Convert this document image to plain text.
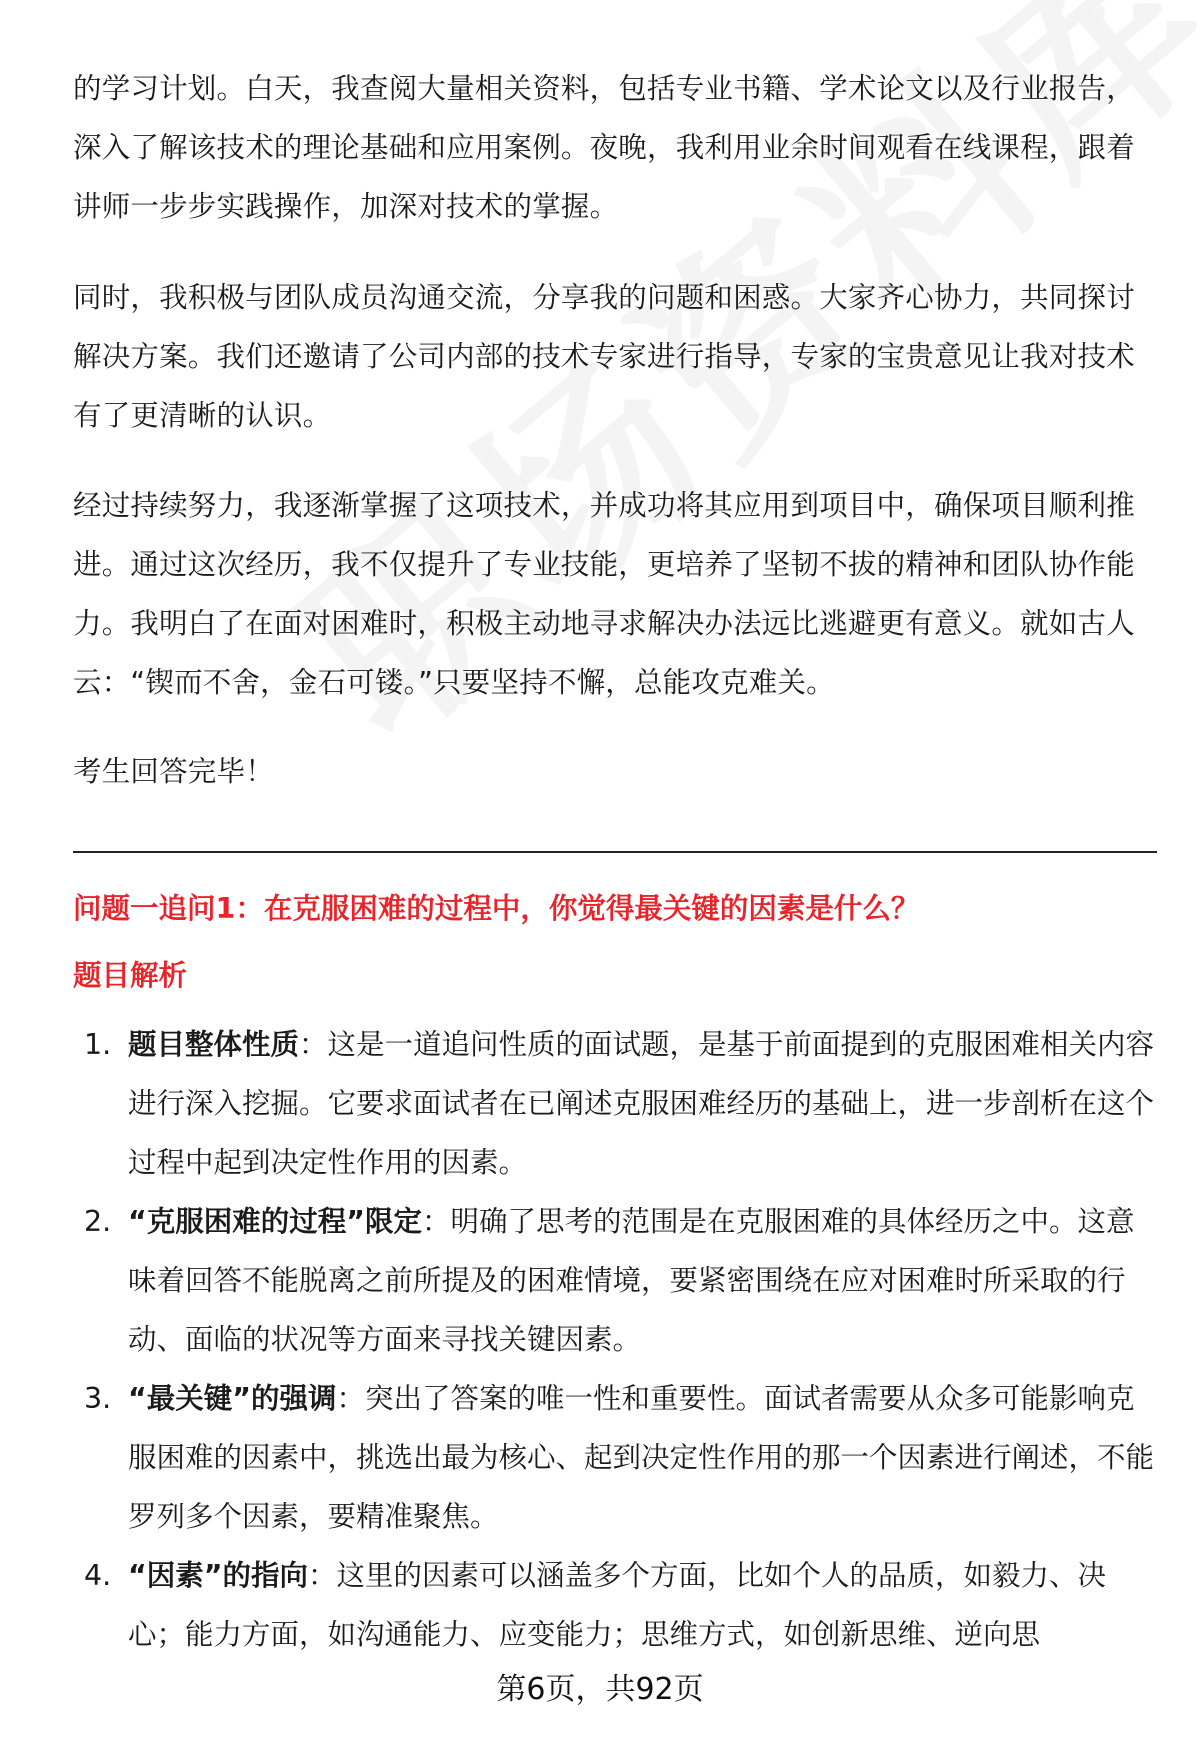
的学习计划。白天，我查阅大量相关资料，包括专业书籍、学术论文以及行业报告，深入了解该技术的理论基础和应用案例。夜晚，我利用业余时间观看在线课程，跟着讲师一步步实践操作，加深对技术的掌握。

同时，我积极与团队成员沟通交流，分享我的问题和困惑。大家齐心协力，共同探讨解决方案。我们还邀请了公司内部的技术专家进行指导，专家的宝贵意见让我对技术有了更清晰的认识。

经过持续努力，我逐渐掌握了这项技术，并成功将其应用到项目中，确保项目顺利推进。通过这次经历，我不仅提升了专业技能，更培养了坚韧不拔的精神和团队协作能力。我明白了在面对困难时，积极主动地寻求解决办法远比逃避更有意义。就如古人云：“锲而不舍，金石可镂。”只要坚持不懈，总能攻克难关。

考生回答完毕！

问题一追问1：在克服困难的过程中，你觉得最关键的因素是什么？
题目解析
1. 题目整体性质：这是一道追问性质的面试题，是基于前面提到的克服困难相关内容进行深入挖掘。它要求面试者在已阐述克服困难经历的基础上，进一步剖析在这个过程中起到决定性作用的因素。
2. “克服困难的过程”限定：明确了思考的范围是在克服困难的具体经历之中。这意味着回答不能脱离之前所提及的困难情境，要紧密围绕在应对困难时所采取的行动、面临的状况等方面来寻找关键因素。
3. “最关键”的强调：突出了答案的唯一性和重要性。面试者需要从众多可能影响克服困难的因素中，挑选出最为核心、起到决定性作用的那一个因素进行阐述，不能罗列多个因素，要精准聚焦。
4. “因素”的指向：这里的因素可以涵盖多个方面，比如个人的品质，如毅力、决心；能力方面，如沟通能力、应变能力；思维方式，如创新思维、逆向思
第6页，共92页
